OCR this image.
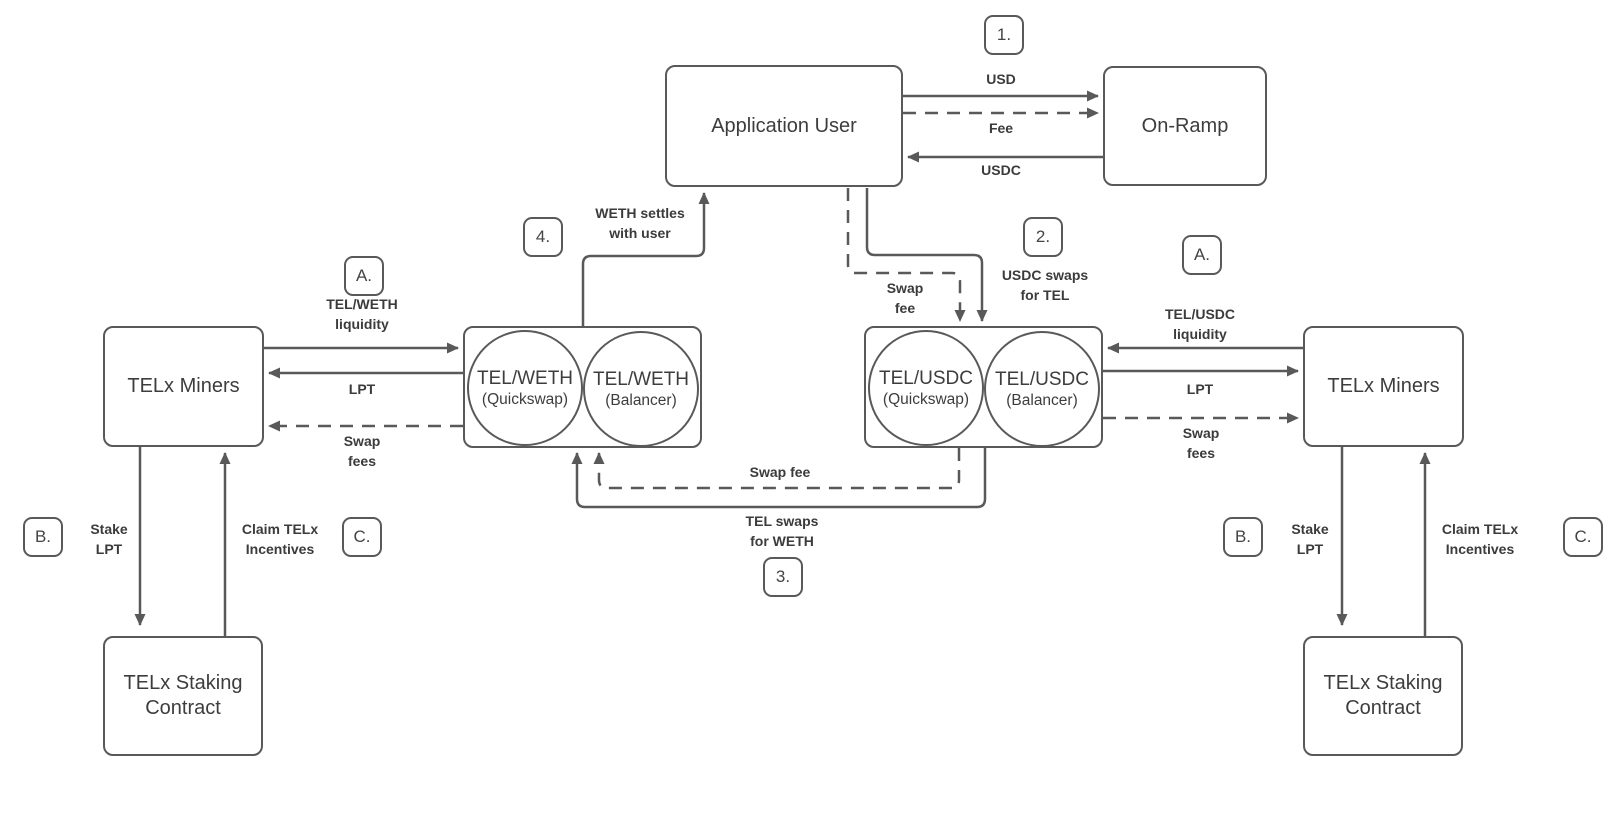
Application User	On-Ramp
TELx Miners	TEL/WETH
(Quickswap)
TEL/WETH
(Balancer)
TEL/USDC
(Quickswap)
TEL/USDC
(Balancer)
TELx Miners
TELx Staking Contract
TELx Staking Contract
1.
2.
3.
4.
A.
A.
B.	C.	B.	C.
USD
Fee
USDC
TEL/WETH
liquidity
LPT
Swap
fees
TEL/USDC
liquidity
LPT
Swap
fees
WETH settles
with user
USDC swaps
for TEL
Swap
fee
Swap fee
TEL swaps
for WETH
Stake
LPT
Claim TELx
Incentives
Stake
LPT
Claim TELx
Incentives
